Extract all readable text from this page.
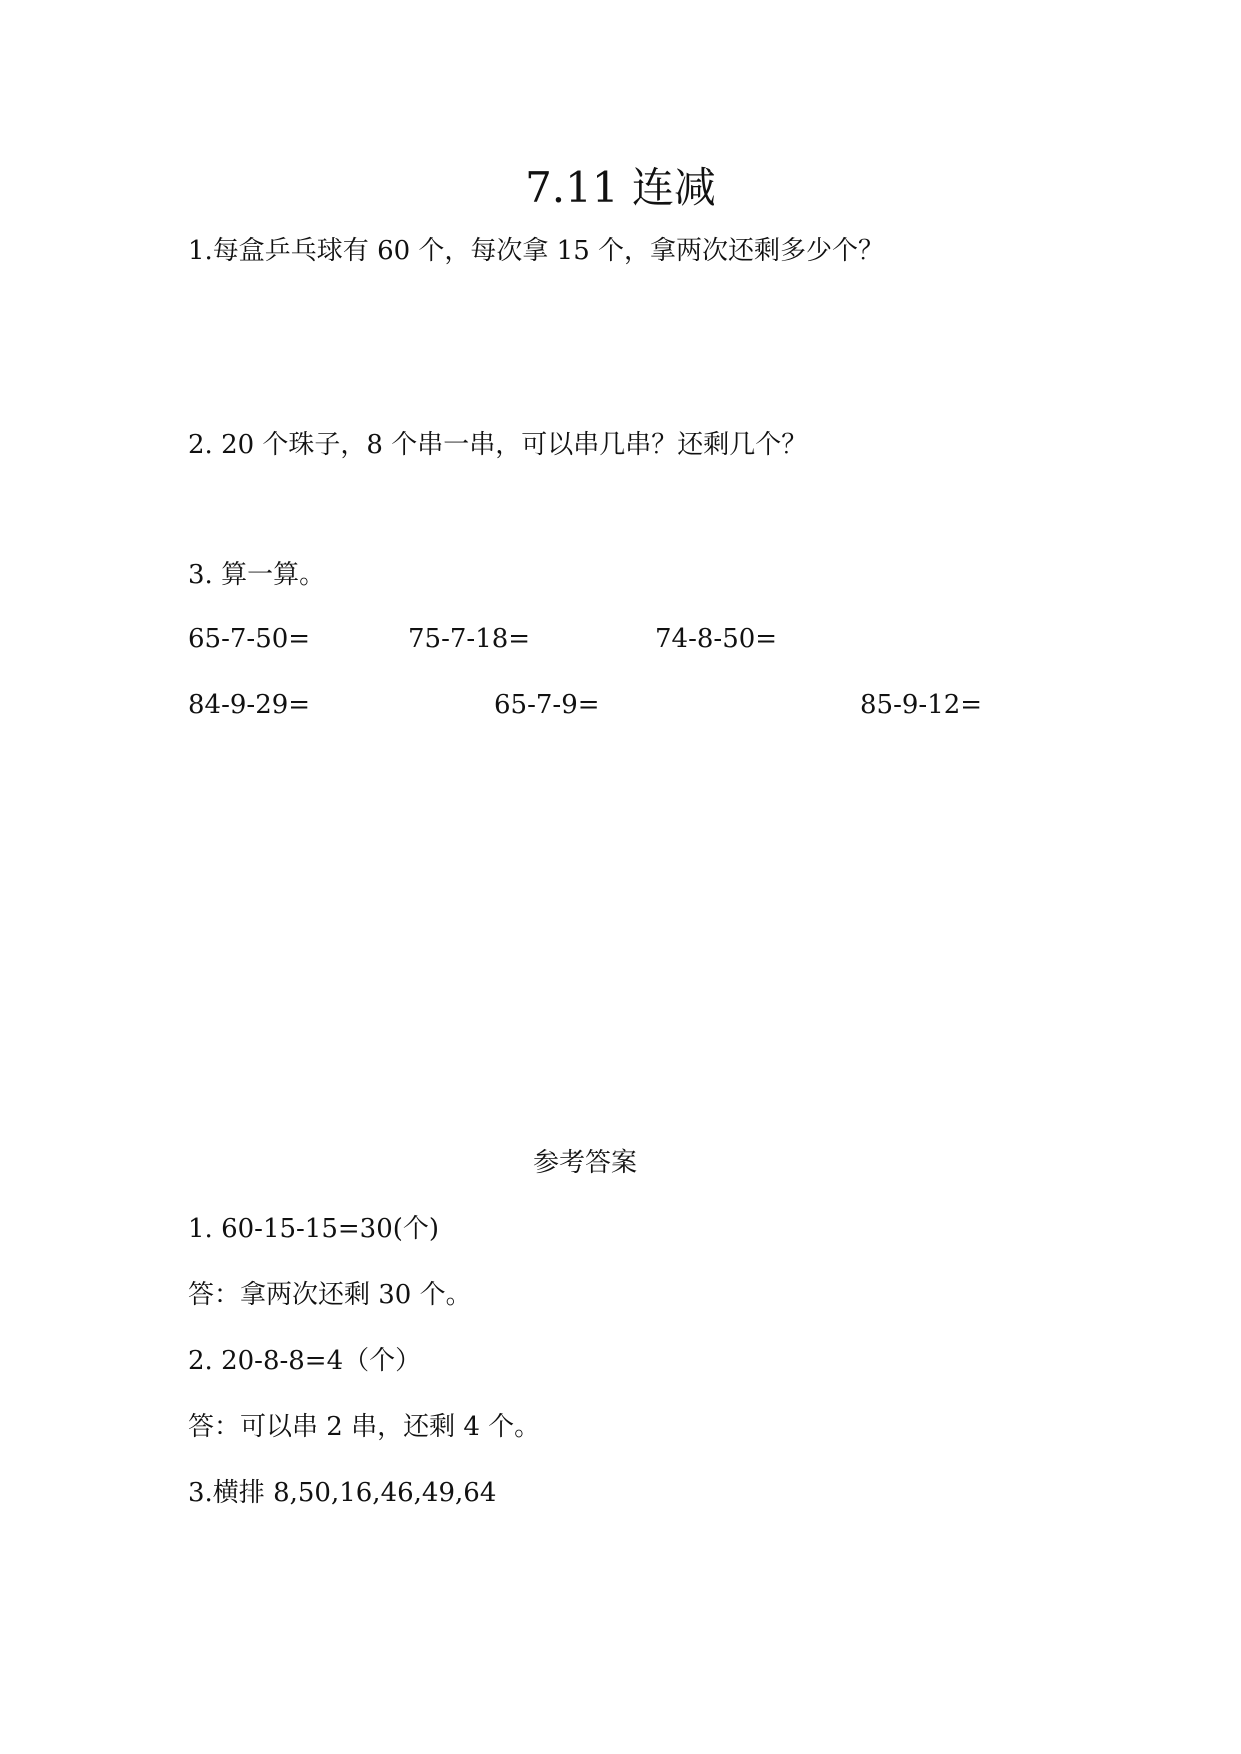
7.11 连减
1.每盒乒乓球有 60 个，每次拿 15 个，拿两次还剩多少个？
2. 20 个珠子，8 个串一串，可以串几串？还剩几个？
3. 算一算。
65-7-50=	75-7-18=	74-8-50=
84-9-29=	65-7-9=	85-9-12=
参考答案
1. 60-15-15=30(个)
答：拿两次还剩 30 个。
2. 20-8-8=4（个）
答：可以串 2 串，还剩 4 个。
3.横排 8,50,16,46,49,64
